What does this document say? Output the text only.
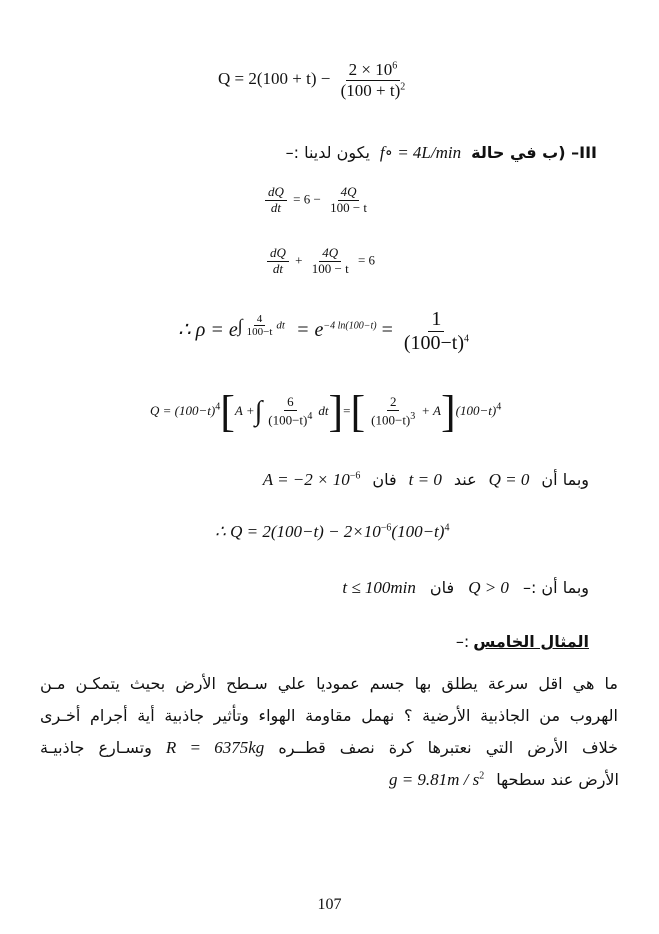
$Q = 2(100 + t) - \frac{2 \times 10^6}{(100 + t)^2}$
III– (ب في حالة f∘ = 4L/min يكون لدينا :–
$\frac{dQ}{dt} = 6 - \frac{4Q}{100 - t}$
$\frac{dQ}{dt} + \frac{4Q}{100 - t} = 6$
∴ $\rho = e\int \frac{4}{100-t}$ dt = $e^{-4 ln(100-t)} = \frac{1}{(100-t)^4}$
$Q = (100-t)^4[A$ +∫ $\frac{6}{(100-t)^4} dt]=[ \frac{2}{(100-t)^3} + A](100-t)^4$
وبما أن Q = 0 عند t = 0 فان $A = -2 \times 10^{-6}$
∴ $Q = 2(100-t) - 2\times 10^{-6}(100-t)^4$
وبما أن :– Q > 0 فان t ≤ 100min
المثال الخامس :–
ما هي اقل سرعة يطلق بها جسم عموديا علي سـطح الأرض بحيث يتمكـن مـن
الهروب من الجاذبية الأرضية ؟ نهمل مقاومة الهواء وتأثير جاذبية أية أجرام أخـرى
خلاف الأرض التي نعتبرها كرة نصف قطــره R = 6375kg وتسـارع جاذبيـة
الأرض عند سطحها $g = 9.81m / s^2$
107
